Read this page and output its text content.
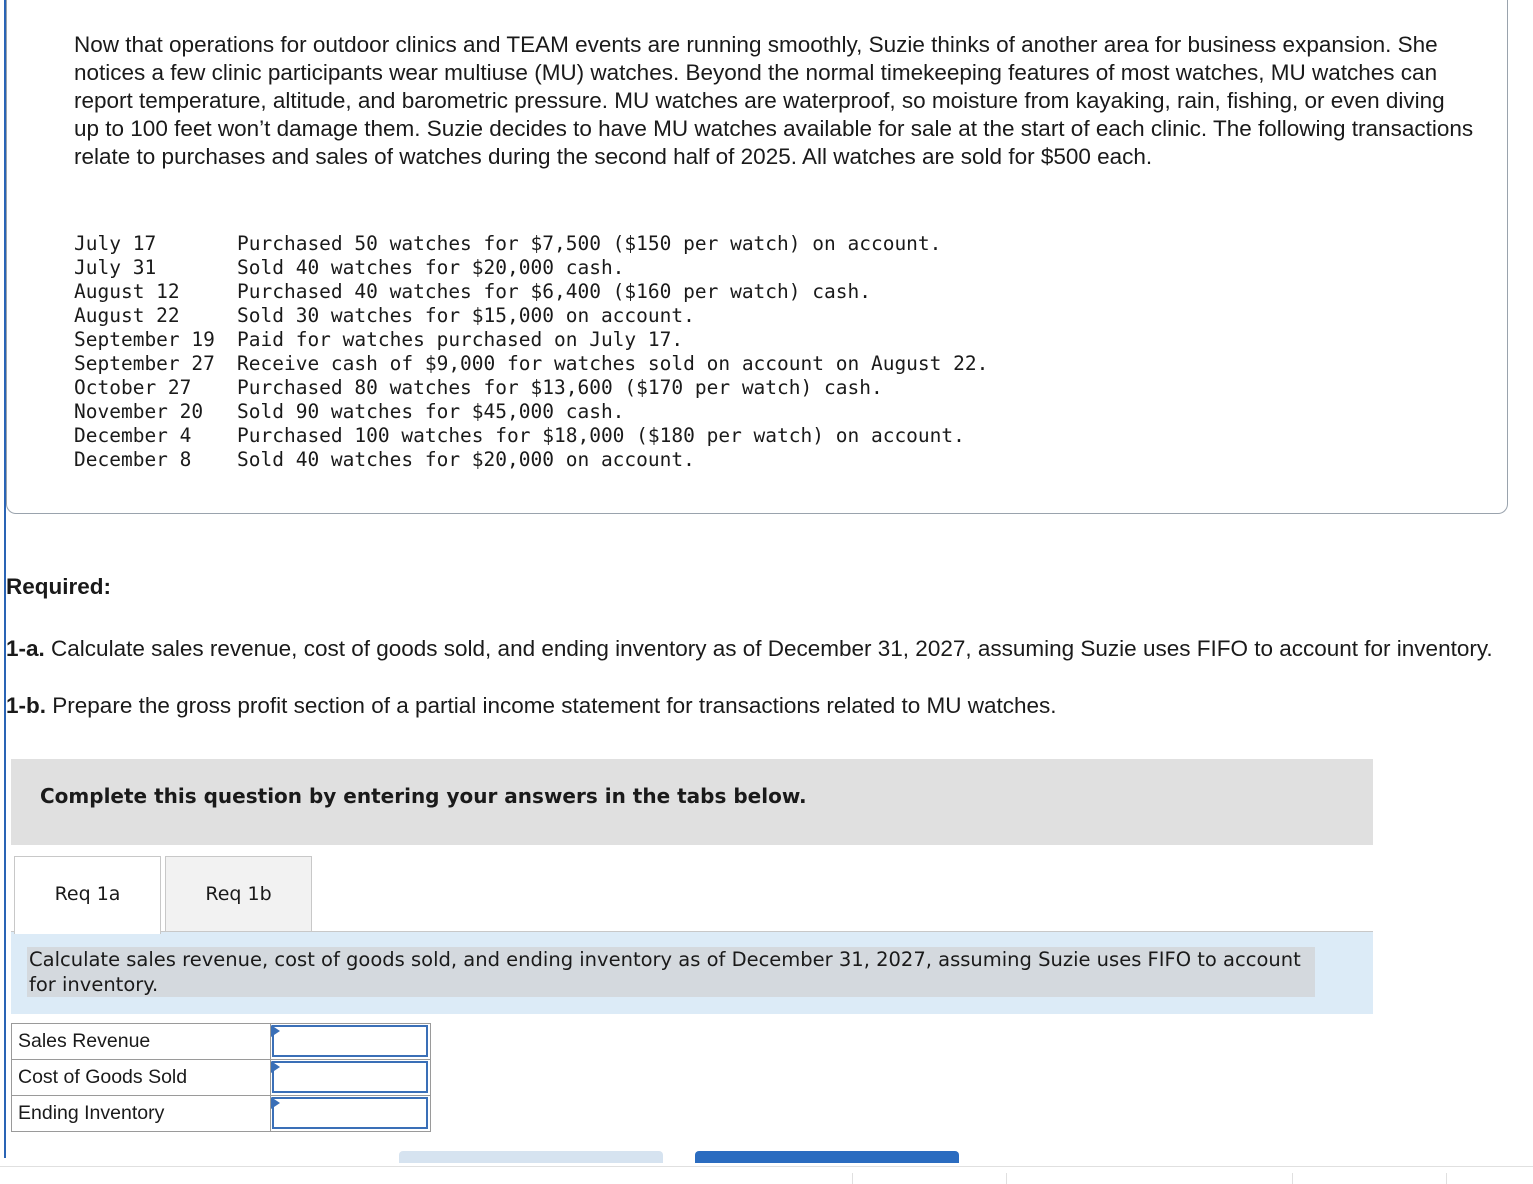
Now that operations for outdoor clinics and TEAM events are running smoothly, Suzie thinks of another area for business expansion. She notices a few clinic participants wear multiuse (MU) watches. Beyond the normal timekeeping features of most watches, MU watches can report temperature, altitude, and barometric pressure. MU watches are waterproof, so moisture from kayaking, rain, fishing, or even diving up to 100 feet won’t damage them. Suzie decides to have MU watches available for sale at the start of each clinic. The following transactions relate to purchases and sales of watches during the second half of 2025. All watches are sold for $500 each.

July 17	Purchased 50 watches for $7,500 ($150 per watch) on account.
July 31	Sold 40 watches for $20,000 cash.
August 12	Purchased 40 watches for $6,400 ($160 per watch) cash.
August 22	Sold 30 watches for $15,000 on account.
September 19	Paid for watches purchased on July 17.
September 27	Receive cash of $9,000 for watches sold on account on August 22.
October 27	Purchased 80 watches for $13,600 ($170 per watch) cash.
November 20	Sold 90 watches for $45,000 cash.
December 4	Purchased 100 watches for $18,000 ($180 per watch) on account.
December 8	Sold 40 watches for $20,000 on account.

Required:

1-a. Calculate sales revenue, cost of goods sold, and ending inventory as of December 31, 2027, assuming Suzie uses FIFO to account for inventory.

1-b. Prepare the gross profit section of a partial income statement for transactions related to MU watches.

Complete this question by entering your answers in the tabs below.
Req 1a	Req 1b

Calculate sales revenue, cost of goods sold, and ending inventory as of December 31, 2027, assuming Suzie uses FIFO to account for inventory.

Sales Revenue	

Cost of Goods Sold	

Ending Inventory	
